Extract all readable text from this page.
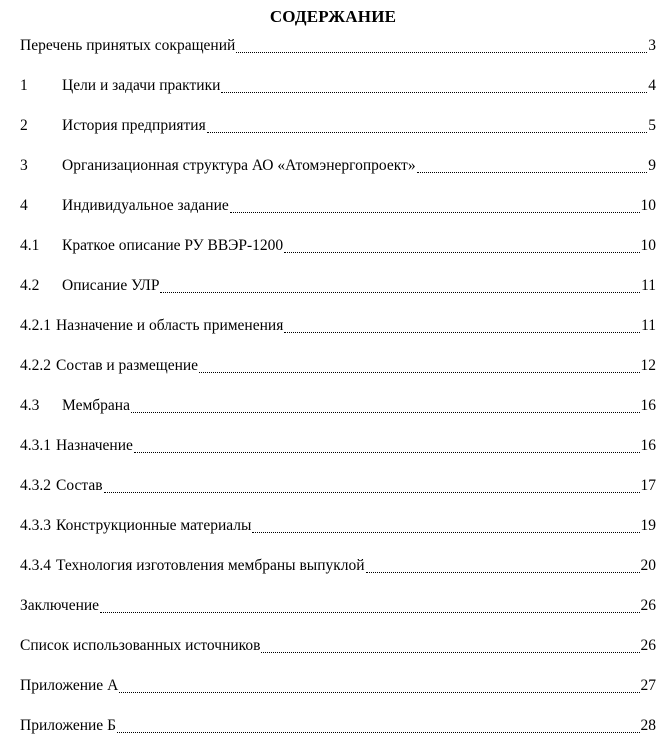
СОДЕРЖАНИЕ
Перечень принятых сокращений	3
1	Цели и задачи практики	4
2	История предприятия	5
3	Организационная структура АО «Атомэнергопроект»	9
4	Индивидуальное задание	10
4.1	Краткое описание РУ ВВЭР-1200	10
4.2	Описание УЛР	11
4.2.1 Назначение и область применения	11
4.2.2 Состав и размещение	12
4.3	Мембрана	16
4.3.1 Назначение	16
4.3.2 Состав	17
4.3.3 Конструкционные материалы	19
4.3.4 Технология изготовления мембраны выпуклой	20
Заключение	26
Список использованных источников	26
Приложение А	27
Приложение Б	28
